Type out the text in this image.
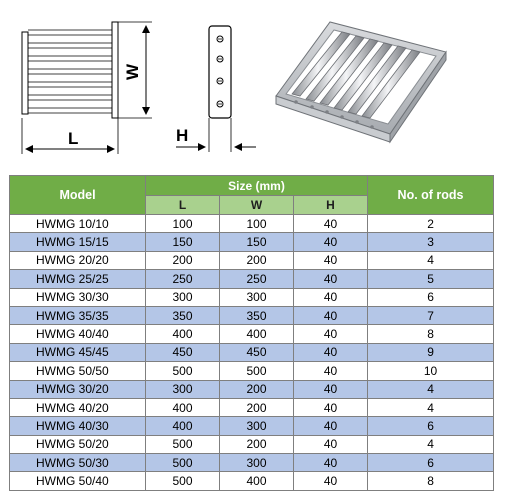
L
W
H
Model	Size (mm)			No. of rods
	L	W	H	
HWMG 10/10	100	100	40	2
HWMG 15/15	150	150	40	3
HWMG 20/20	200	200	40	4
HWMG 25/25	250	250	40	5
HWMG 30/30	300	300	40	6
HWMG 35/35	350	350	40	7
HWMG 40/40	400	400	40	8
HWMG 45/45	450	450	40	9
HWMG 50/50	500	500	40	10
HWMG 30/20	300	200	40	4
HWMG 40/20	400	200	40	4
HWMG 40/30	400	300	40	6
HWMG 50/20	500	200	40	4
HWMG 50/30	500	300	40	6
HWMG 50/40	500	400	40	8
